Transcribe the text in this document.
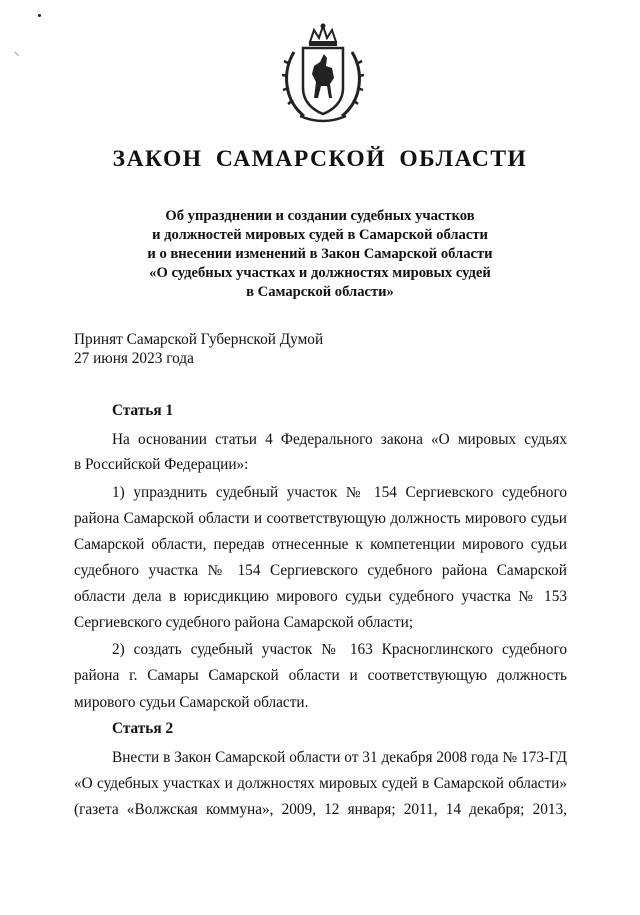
⸜
ЗАКОН САМАРСКОЙ ОБЛАСТИ
Об упразднении и создании судебных участков
и должностей мировых судей в Самарской области
и о внесении изменений в Закон Самарской области
«О судебных участках и должностях мировых судей
в Самарской области»
Принят Самарской Губернской Думой
27 июня 2023 года
Статья 1
На основании статьи 4 Федерального закона «О мировых судьях
в Российской Федерации»:
1) упразднить судебный участок № 154 Сергиевского судебного
района Самарской области и соответствующую должность мирового судьи
Самарской области, передав отнесенные к компетенции мирового судьи
судебного участка № 154 Сергиевского судебного района Самарской
области дела в юрисдикцию мирового судьи судебного участка № 153
Сергиевского судебного района Самарской области;
2) создать судебный участок № 163 Красноглинского судебного
района г. Самары Самарской области и соответствующую должность
мирового судьи Самарской области.
Статья 2
Внести в Закон Самарской области от 31 декабря 2008 года № 173-ГД
«О судебных участках и должностях мировых судей в Самарской области»
(газета «Волжская коммуна», 2009, 12 января; 2011, 14 декабря; 2013,
